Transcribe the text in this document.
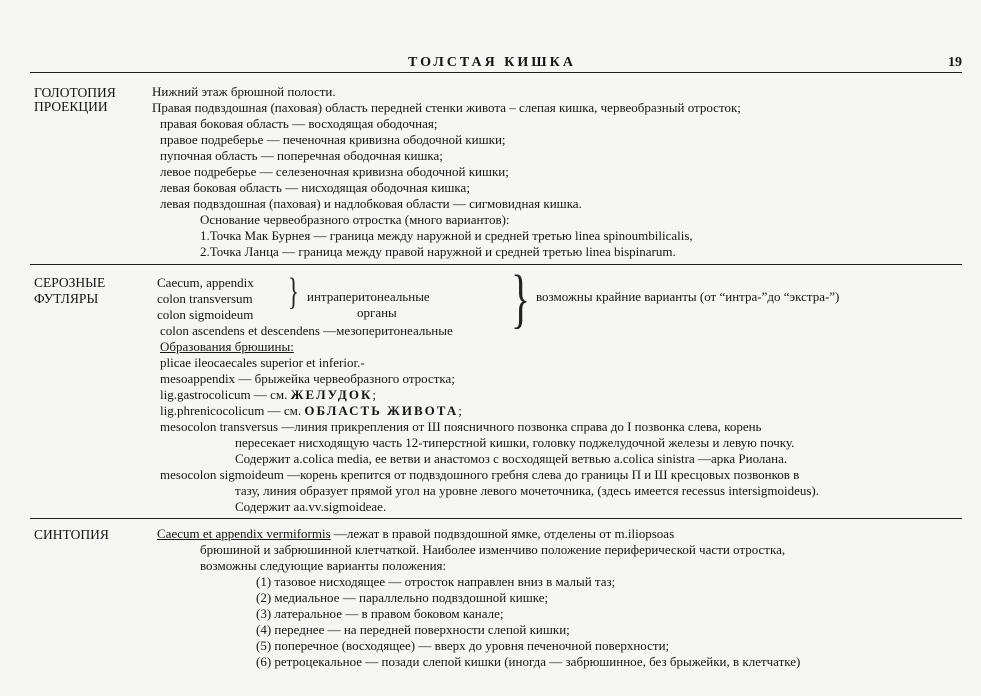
ТОЛСТАЯ КИШКА	19
ГОЛОТОПИЯ
ПРОЕКЦИИ
Нижний этаж брюшной полости.
Правая подвздошная (паховая) область передней стенки живота – слепая кишка, червеобразный отросток;
правая боковая область — восходящая ободочная;
правое подреберье — печеночная кривизна ободочной кишки;
пупочная область — поперечная ободочная кишка;
левое подреберье — селезеночная кривизна ободочной кишки;
левая боковая область — нисходящая ободочная кишка;
левая подвздошная (паховая) и надлобковая области — сигмовидная кишка.
Основание червеобразного отростка (много вариантов):
1.Точка Мак Бурнея — граница между наружной и средней третью linea spinoumbilicalis,
2.Точка Ланца — граница между правой наружной и средней третью linea bispinarum.
СЕРОЗНЫЕ
ФУТЛЯРЫ
Caecum, appendix
colon transversum
colon sigmoideum
} интраперитонеальные
органы
colon ascendens et descendens —мезоперитонеальные } возможны крайние варианты (от “интра-”до “экстра-”)
Образования брюшины:
plicae ileocaecales superior et inferior.-
mesoappendix — брыжейка червеобразного отростка;
lig.gastrocolicum — см. ЖЕЛУДОК;
lig.phrenicocolicum — см. ОБЛАСТЬ ЖИВОТА;
mesocolon transversus —линия прикрепления от Ш поясничного позвонка справа до I позвонка слева, корень
пересекает нисходящую часть 12-типерстной кишки, головку поджелудочной железы и левую почку.
Содержит a.colica media, ее ветви и анастомоз с восходящей ветвью a.colica sinistra —арка Риолана.
mesocolon sigmoideum —корень крепится от подвздошного гребня слева до границы П и Ш кресцовых позвонков в
тазу, линия образует прямой угол на уровне левого мочеточника, (здесь имеется recessus intersigmoideus).
Содержит aa.vv.sigmoideae.
СИНТОПИЯ	Caecum et appendix vermiformis —лежат в правой подвздошной ямке, отделены от m.iliopsoas
брюшиной и забрюшинной клетчаткой. Наиболее изменчиво положение периферической части отростка,
возможны следующие варианты положения:
(1) тазовое нисходящее — отросток направлен вниз в малый таз;
(2) медиальное — параллельно подвздошной кишке;
(3) латеральное — в правом боковом канале;
(4) переднее — на передней поверхности слепой кишки;
(5) поперечное (восходящее) — вверх до уровня печеночной поверхности;
(6) ретроцекальное — позади слепой кишки (иногда — забрюшинное, без брыжейки, в клетчатке)
